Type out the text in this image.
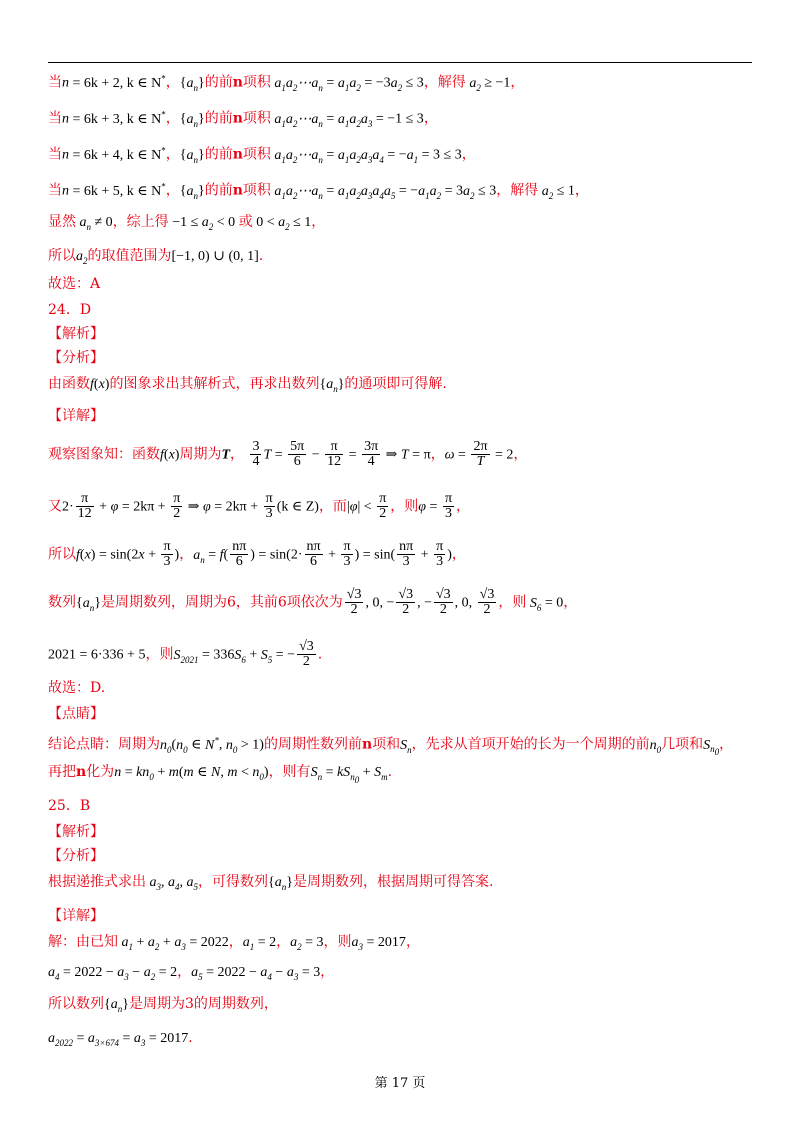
当n = 6k + 2, k ∈ N*，$\{a_n\}$的前n项积 $a_1a_2\cdots a_n = a_1a_2 = -3a_2 \le 3$，解得 $a_2 \ge -1$，
当n = 6k + 3, k ∈ N*，$\{a_n\}$的前n项积 $a_1a_2\cdots a_n = a_1a_2a_3 = -1 \le 3$，
当n = 6k + 4, k ∈ N*，$\{a_n\}$的前n项积 $a_1a_2\cdots a_n = a_1a_2a_3a_4 = -a_1 = 3 \le 3$，
当n = 6k + 5, k ∈ N*，$\{a_n\}$的前n项积 $a_1a_2\cdots a_n = a_1a_2a_3a_4a_5 = -a_1a_2 = 3a_2 \le 3$，解得 $a_2 \le 1$，
显然 $a_n \ne 0$，综上得 $-1 \le a_2 < 0$ 或 $0 < a_2 \le 1$，
所以$a_2$的取值范围为[−1, 0) ∪ (0, 1].
故选：A
24．D
【解析】
【分析】
由函数f(x)的图象求出其解析式，再求出数列$\{a_n\}$的通项即可得解.
【详解】
观察图象知：函数f(x)周期为T， $\frac{3}{4}$ $T = \frac{5\pi}{6} - \frac{\pi}{12} = \frac{3\pi}{4}$ ⇒ T = π，$\omega = \frac{2\pi}{T} = 2$，
又$2\cdot \frac{\pi}{12} + \varphi = 2k\pi + \frac{\pi}{2}$ ⇒ $\varphi = 2k\pi + \frac{\pi}{3} (k$ ∈ Z)，而$|\varphi| < \frac{\pi}{2}$ ，则$\varphi = \frac{\pi}{3}$ ，
所以$f(x) = \sin(2x + \frac{\pi}{3}$ )，$a_n = f( \frac{n\pi}{6}$ ) = $\sin(2\cdot \frac{n\pi}{6} + \frac{\pi}{3}$ ) = $\sin( \frac{n\pi}{3} + \frac{\pi}{3}$ )，
数列$\{a_n\}$是周期数列，周期为6，其前6项依次为 $\frac{√3}{2}$ , 0, − $\frac{√3}{2}$ , − $\frac{√3}{2}$ , 0, $\frac{√3}{2}$ ，则 $S_6 = 0$，
2021 = 6·336 + 5，则$S_{2021} = 336S_6 + S_5$ = − $\frac{√3}{2}$ .
故选：D.
【点睛】
结论点睛：周期为$n_0(n_0$ ∈ N*, $n_0 > 1$)的周期性数列前n项和$S_n$，先求从首项开始的长为一个周期的前$n_0$几项和$S_{n_0}$，
再把n化为$n = kn_0 + m(m$ ∈ N, $m < n_0$)，则有$S_n = kS_{n_0} + S_m$.
25．B
【解析】
【分析】
根据递推式求出 $a_3$, $a_4$, $a_5$，可得数列$\{a_n\}$是周期数列，根据周期可得答案.
【详解】
解：由已知 $a_1 + a_2 + a_3 = 2022$，$a_1 = 2$，$a_2 = 3$，则$a_3 = 2017$，
$a_4 = 2022 - a_3 - a_2 = 2$，$a_5 = 2022 - a_4 - a_3 = 3$，
所以数列$\{a_n\}$是周期为3的周期数列，
$a_{2022} = a_{3\times 674} = a_3 = 2017$.
第 17 页
